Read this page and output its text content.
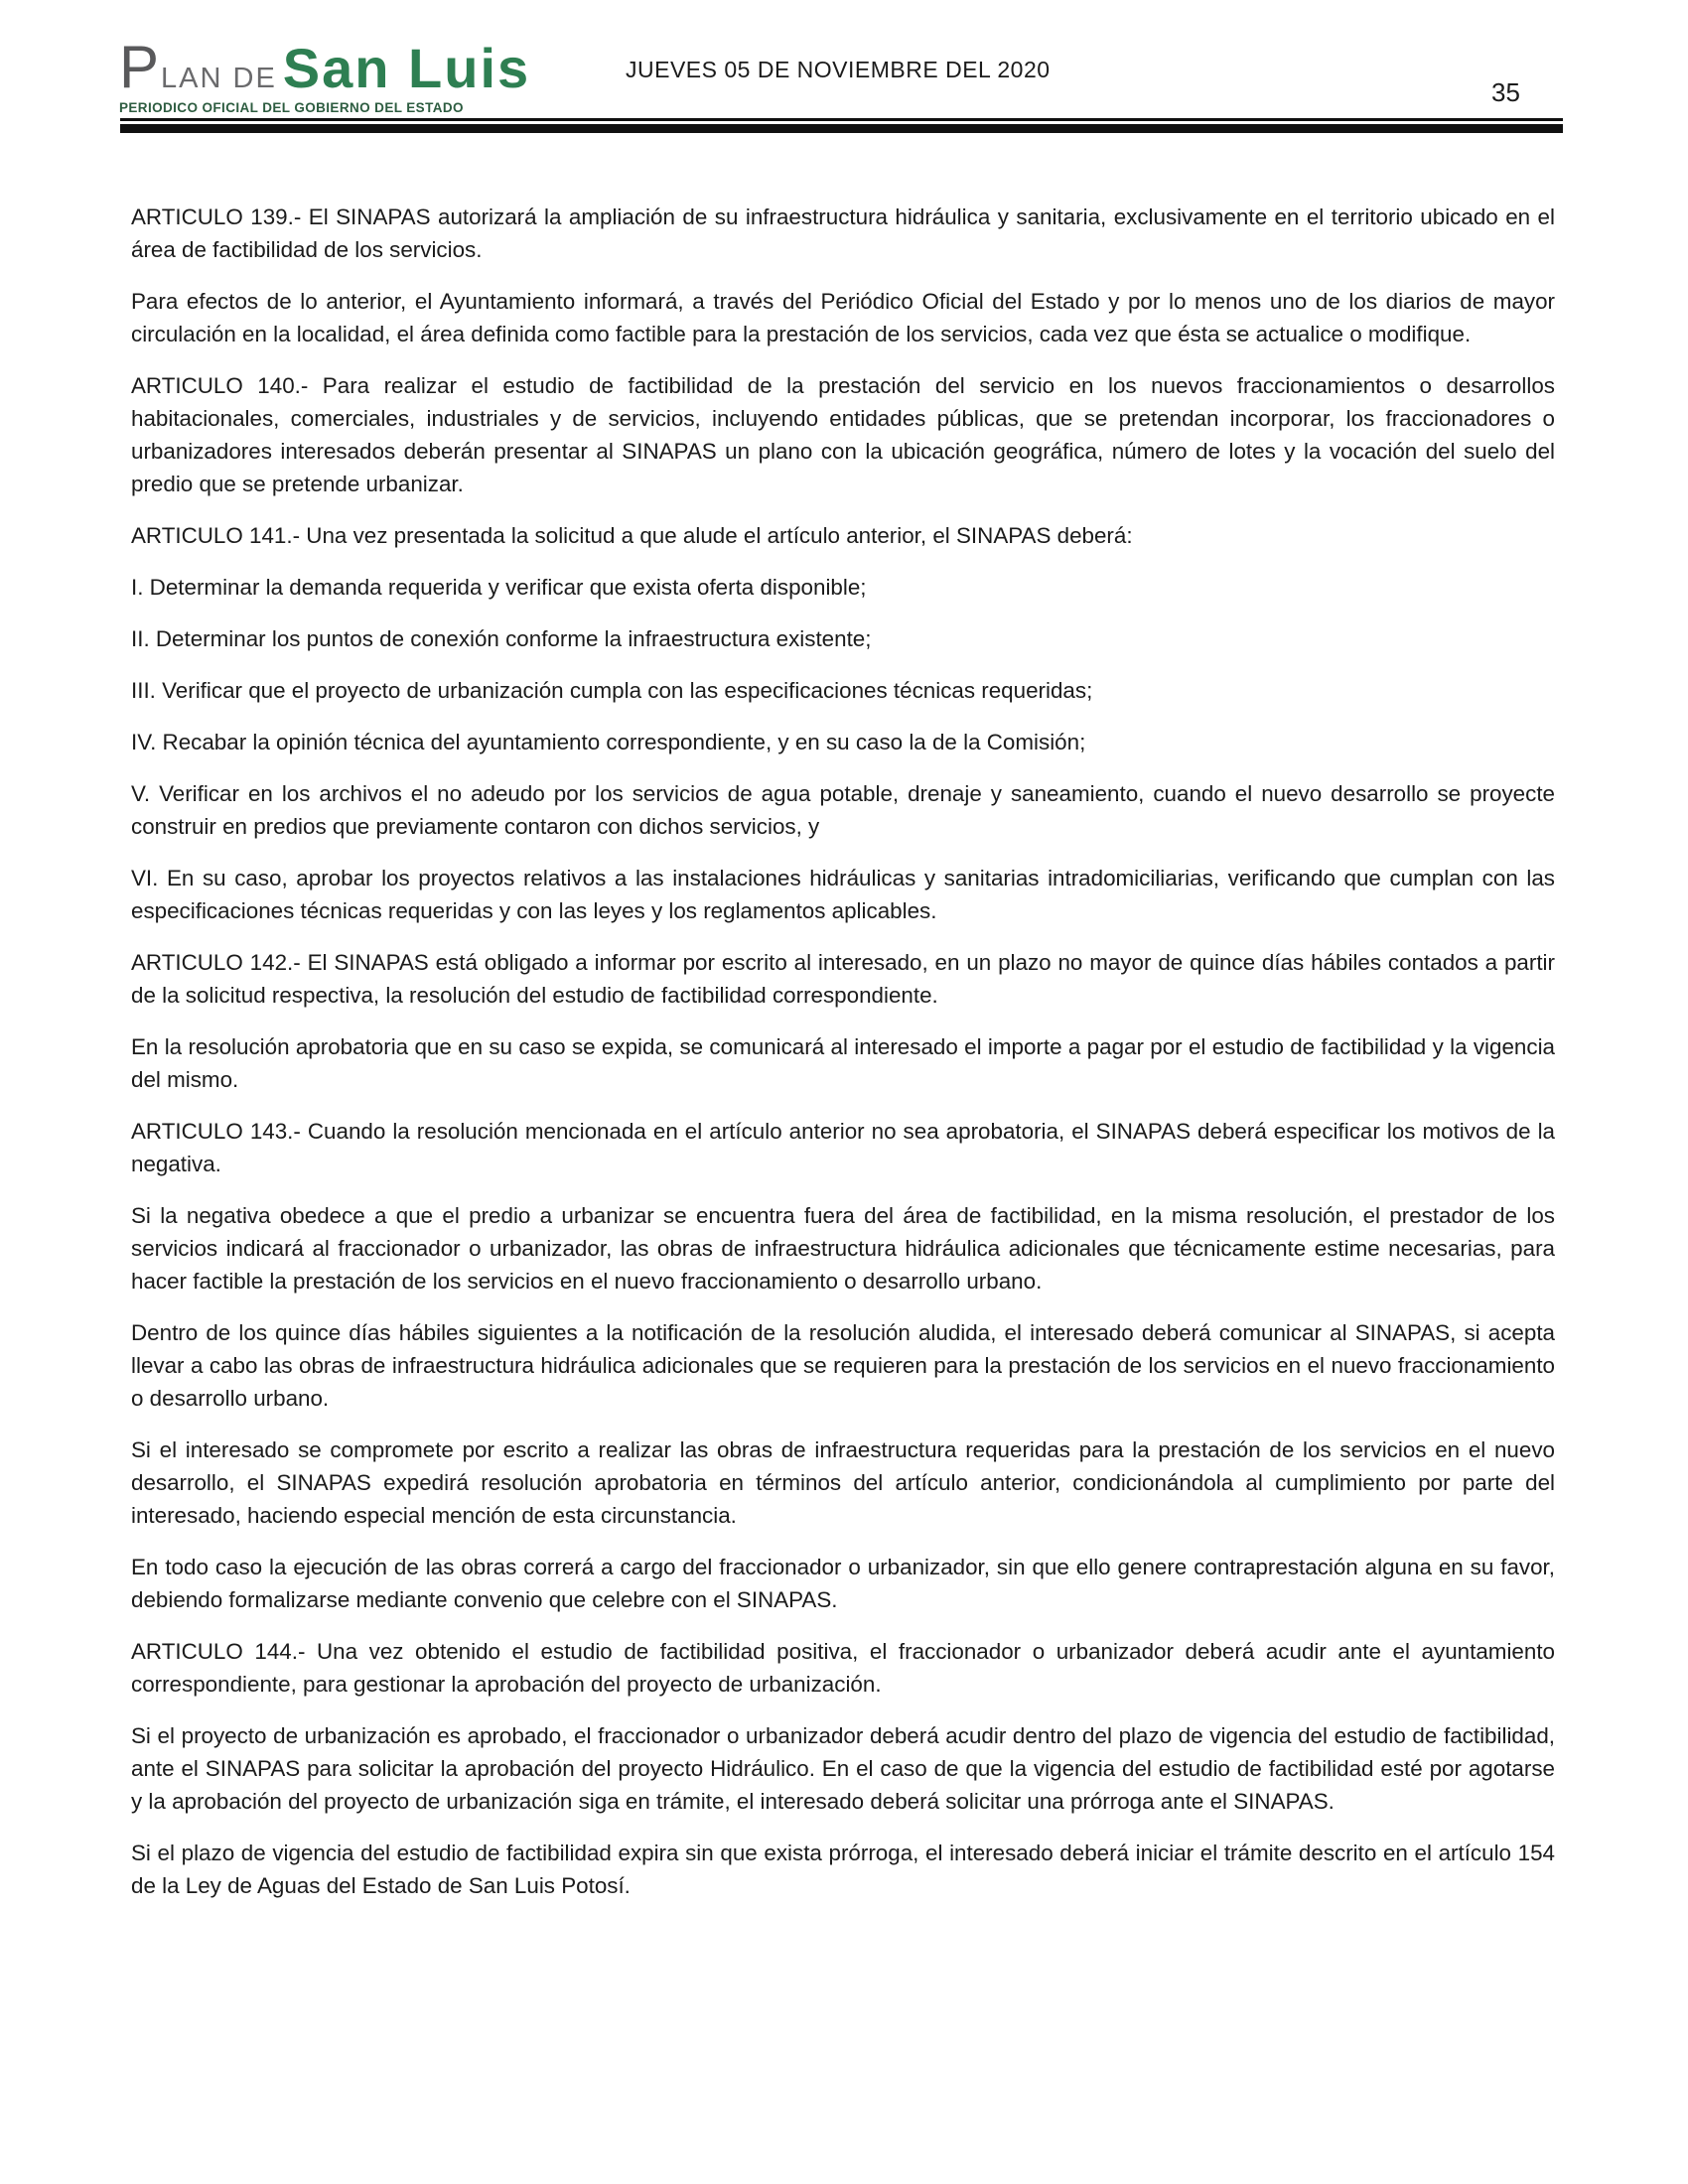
P LAN DE San Luis
PERIODICO OFICIAL DEL GOBIERNO DEL ESTADO
JUEVES 05 DE NOVIEMBRE DEL 2020
35

ARTICULO 139.- El SINAPAS autorizará la ampliación de su infraestructura hidráulica y sanitaria, exclusivamente en el territorio ubicado en el área de factibilidad de los servicios.

Para efectos de lo anterior, el Ayuntamiento informará, a través del Periódico Oficial del Estado y por lo menos uno de los diarios de mayor circulación en la localidad, el área definida como factible para la prestación de los servicios, cada vez que ésta se actualice o modifique.

ARTICULO 140.- Para realizar el estudio de factibilidad de la prestación del servicio en los nuevos fraccionamientos o desarrollos habitacionales, comerciales, industriales y de servicios, incluyendo entidades públicas, que se pretendan incorporar, los fraccionadores o urbanizadores interesados deberán presentar al SINAPAS un plano con la ubicación geográfica, número de lotes y la vocación del suelo del predio que se pretende urbanizar.

ARTICULO 141.- Una vez presentada la solicitud a que alude el artículo anterior, el SINAPAS deberá:

I. Determinar la demanda requerida y verificar que exista oferta disponible;

II. Determinar los puntos de conexión conforme la infraestructura existente;

III. Verificar que el proyecto de urbanización cumpla con las especificaciones técnicas requeridas;

IV. Recabar la opinión técnica del ayuntamiento correspondiente, y en su caso la de la Comisión;

V. Verificar en los archivos el no adeudo por los servicios de agua potable, drenaje y saneamiento, cuando el nuevo desarrollo se proyecte construir en predios que previamente contaron con dichos servicios, y

VI. En su caso, aprobar los proyectos relativos a las instalaciones hidráulicas y sanitarias intradomiciliarias, verificando que cumplan con las especificaciones técnicas requeridas y con las leyes y los reglamentos aplicables.

ARTICULO 142.- El SINAPAS está obligado a informar por escrito al interesado, en un plazo no mayor de quince días hábiles contados a partir de la solicitud respectiva, la resolución del estudio de factibilidad correspondiente.

En la resolución aprobatoria que en su caso se expida, se comunicará al interesado el importe a pagar por el estudio de factibilidad y la vigencia del mismo.

ARTICULO 143.- Cuando la resolución mencionada en el artículo anterior no sea aprobatoria, el SINAPAS deberá especificar los motivos de la negativa.

Si la negativa obedece a que el predio a urbanizar se encuentra fuera del área de factibilidad, en la misma resolución, el prestador de los servicios indicará al fraccionador o urbanizador, las obras de infraestructura hidráulica adicionales que técnicamente estime necesarias, para hacer factible la prestación de los servicios en el nuevo fraccionamiento o desarrollo urbano.

Dentro de los quince días hábiles siguientes a la notificación de la resolución aludida, el interesado deberá comunicar al SINAPAS, si acepta llevar a cabo las obras de infraestructura hidráulica adicionales que se requieren para la prestación de los servicios en el nuevo fraccionamiento o desarrollo urbano.

Si el interesado se compromete por escrito a realizar las obras de infraestructura requeridas para la prestación de los servicios en el nuevo desarrollo, el SINAPAS expedirá resolución aprobatoria en términos del artículo anterior, condicionándola al cumplimiento por parte del interesado, haciendo especial mención de esta circunstancia.

En todo caso la ejecución de las obras correrá a cargo del fraccionador o urbanizador, sin que ello genere contraprestación alguna en su favor, debiendo formalizarse mediante convenio que celebre con el SINAPAS.

ARTICULO 144.- Una vez obtenido el estudio de factibilidad positiva, el fraccionador o urbanizador deberá acudir ante el ayuntamiento correspondiente, para gestionar la aprobación del proyecto de urbanización.

Si el proyecto de urbanización es aprobado, el fraccionador o urbanizador deberá acudir dentro del plazo de vigencia del estudio de factibilidad, ante el SINAPAS para solicitar la aprobación del proyecto Hidráulico. En el caso de que la vigencia del estudio de factibilidad esté por agotarse y la aprobación del proyecto de urbanización siga en trámite, el interesado deberá solicitar una prórroga ante el SINAPAS.

Si el plazo de vigencia del estudio de factibilidad expira sin que exista prórroga, el interesado deberá iniciar el trámite descrito en el artículo 154 de la Ley de Aguas del Estado de San Luis Potosí.
